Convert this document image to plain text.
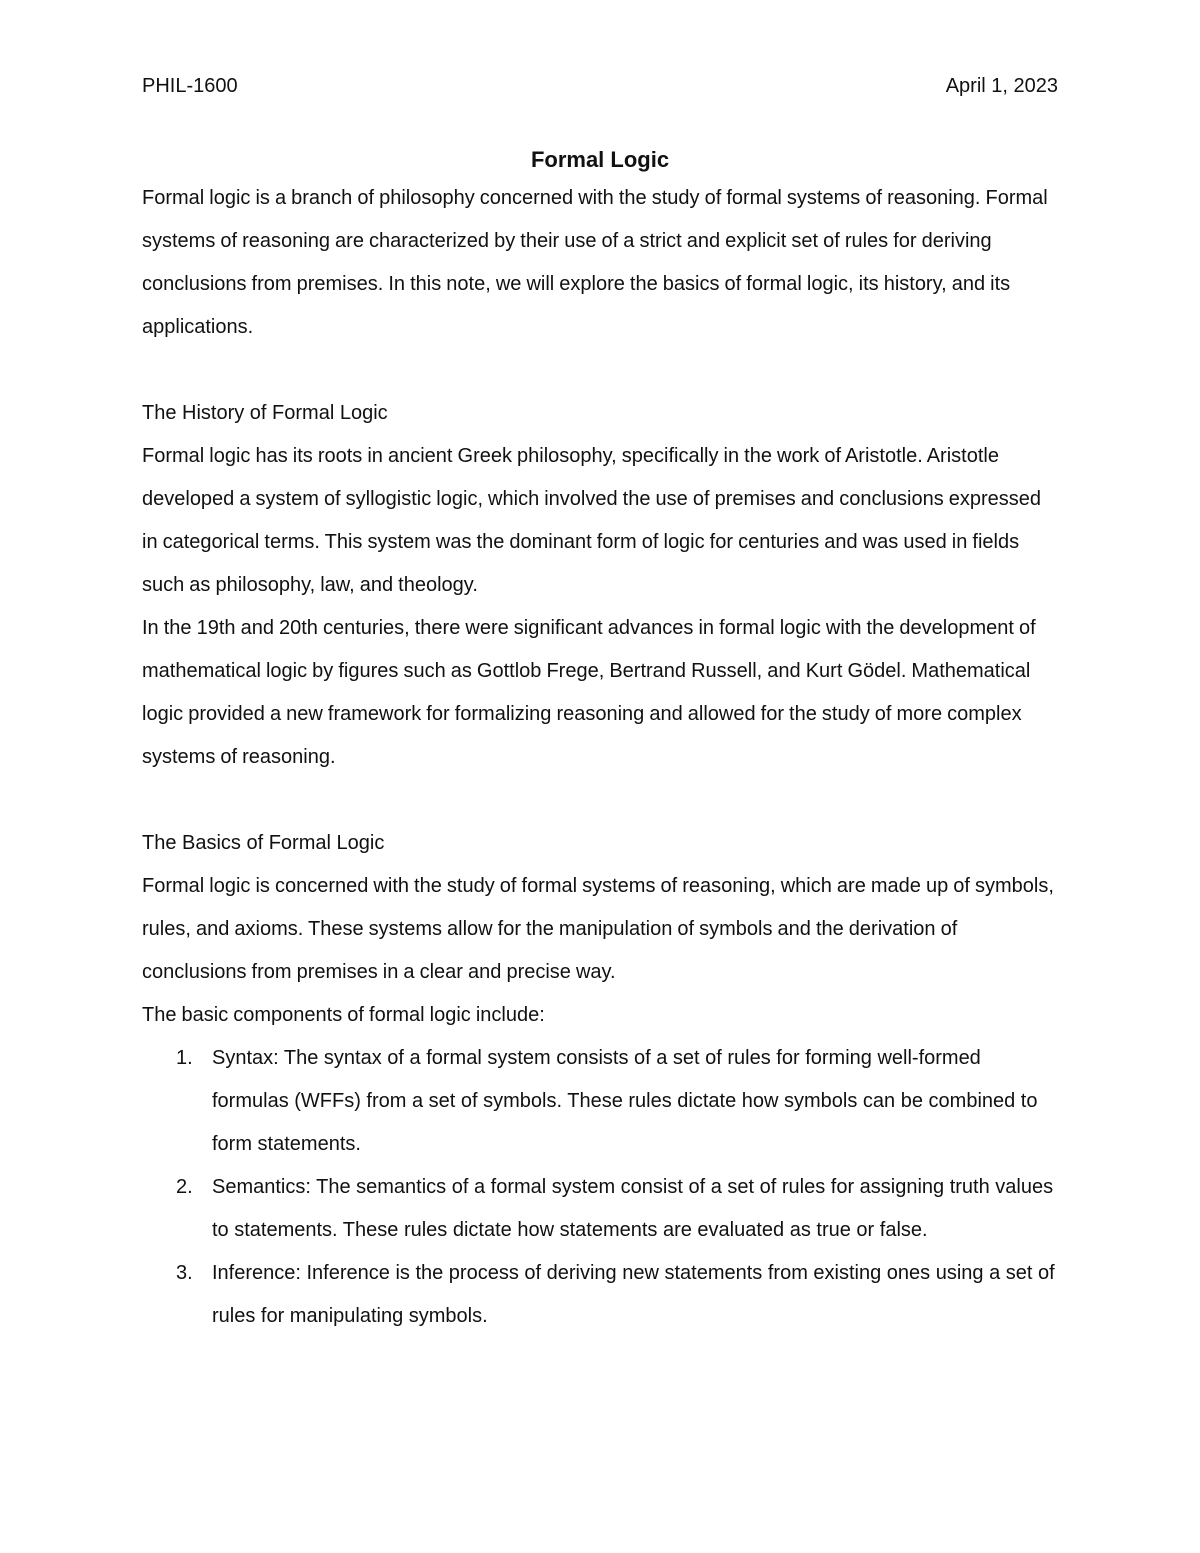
PHIL-1600	April 1, 2023
Formal Logic

Formal logic is a branch of philosophy concerned with the study of formal systems of reasoning. Formal systems of reasoning are characterized by their use of a strict and explicit set of rules for deriving conclusions from premises. In this note, we will explore the basics of formal logic, its history, and its applications.

The History of Formal Logic

Formal logic has its roots in ancient Greek philosophy, specifically in the work of Aristotle. Aristotle developed a system of syllogistic logic, which involved the use of premises and conclusions expressed in categorical terms. This system was the dominant form of logic for centuries and was used in fields such as philosophy, law, and theology.

In the 19th and 20th centuries, there were significant advances in formal logic with the development of mathematical logic by figures such as Gottlob Frege, Bertrand Russell, and Kurt Gödel. Mathematical logic provided a new framework for formalizing reasoning and allowed for the study of more complex systems of reasoning.

The Basics of Formal Logic

Formal logic is concerned with the study of formal systems of reasoning, which are made up of symbols, rules, and axioms. These systems allow for the manipulation of symbols and the derivation of conclusions from premises in a clear and precise way.

The basic components of formal logic include:

1. Syntax: The syntax of a formal system consists of a set of rules for forming well-formed formulas (WFFs) from a set of symbols. These rules dictate how symbols can be combined to form statements.
2. Semantics: The semantics of a formal system consist of a set of rules for assigning truth values to statements. These rules dictate how statements are evaluated as true or false.
3. Inference: Inference is the process of deriving new statements from existing ones using a set of rules for manipulating symbols.
